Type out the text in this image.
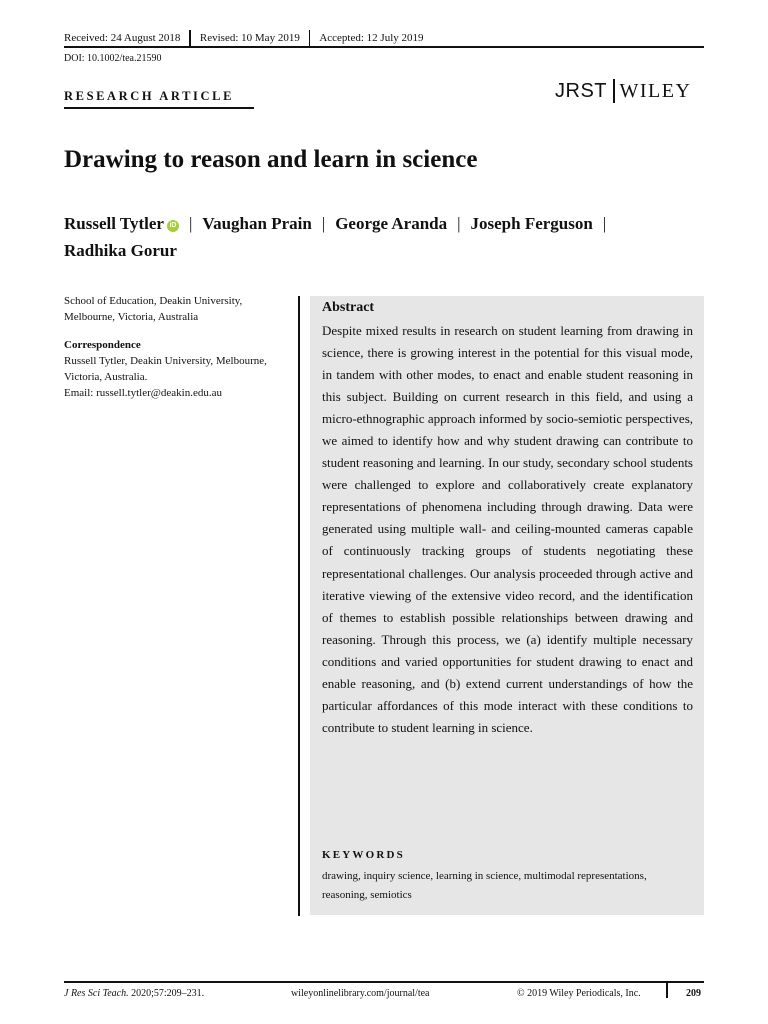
Received: 24 August 2018 Revised: 10 May 2019 Accepted: 12 July 2019
DOI: 10.1002/tea.21590
RESEARCH ARTICLE	JRST WILEY
Drawing to reason and learn in science
Russell Tytler iD | Vaughan Prain | George Aranda | Joseph Ferguson |
Radhika Gorur
School of Education, Deakin University, Melbourne, Victoria, Australia
Correspondence
Russell Tytler, Deakin University, Melbourne, Victoria, Australia.
Email: russell.tytler@deakin.edu.au
Abstract

Despite mixed results in research on student learning from drawing in science, there is growing interest in the potential for this visual mode, in tandem with other modes, to enact and enable student reasoning in this subject. Building on current research in this field, and using a micro-ethnographic approach informed by socio-semiotic perspectives, we aimed to identify how and why student drawing can contribute to student reasoning and learning. In our study, secondary school students were challenged to explore and collaboratively create explanatory representations of phenomena including through drawing. Data were generated using multiple wall- and ceiling-mounted cameras capable of continuously tracking groups of students negotiating these representational challenges. Our analysis proceeded through active and iterative viewing of the extensive video record, and the identification of themes to establish possible relationships between drawing and reasoning. Through this process, we (a) identify multiple necessary conditions and varied opportunities for student drawing to enact and enable reasoning, and (b) extend current understandings of how the particular affordances of this mode interact with these conditions to contribute to student learning in science.

KEYWORDS
drawing, inquiry science, learning in science, multimodal representations, reasoning, semiotics
J Res Sci Teach. 2020;57:209–231.	wileyonlinelibrary.com/journal/tea	© 2019 Wiley Periodicals, Inc.	209
